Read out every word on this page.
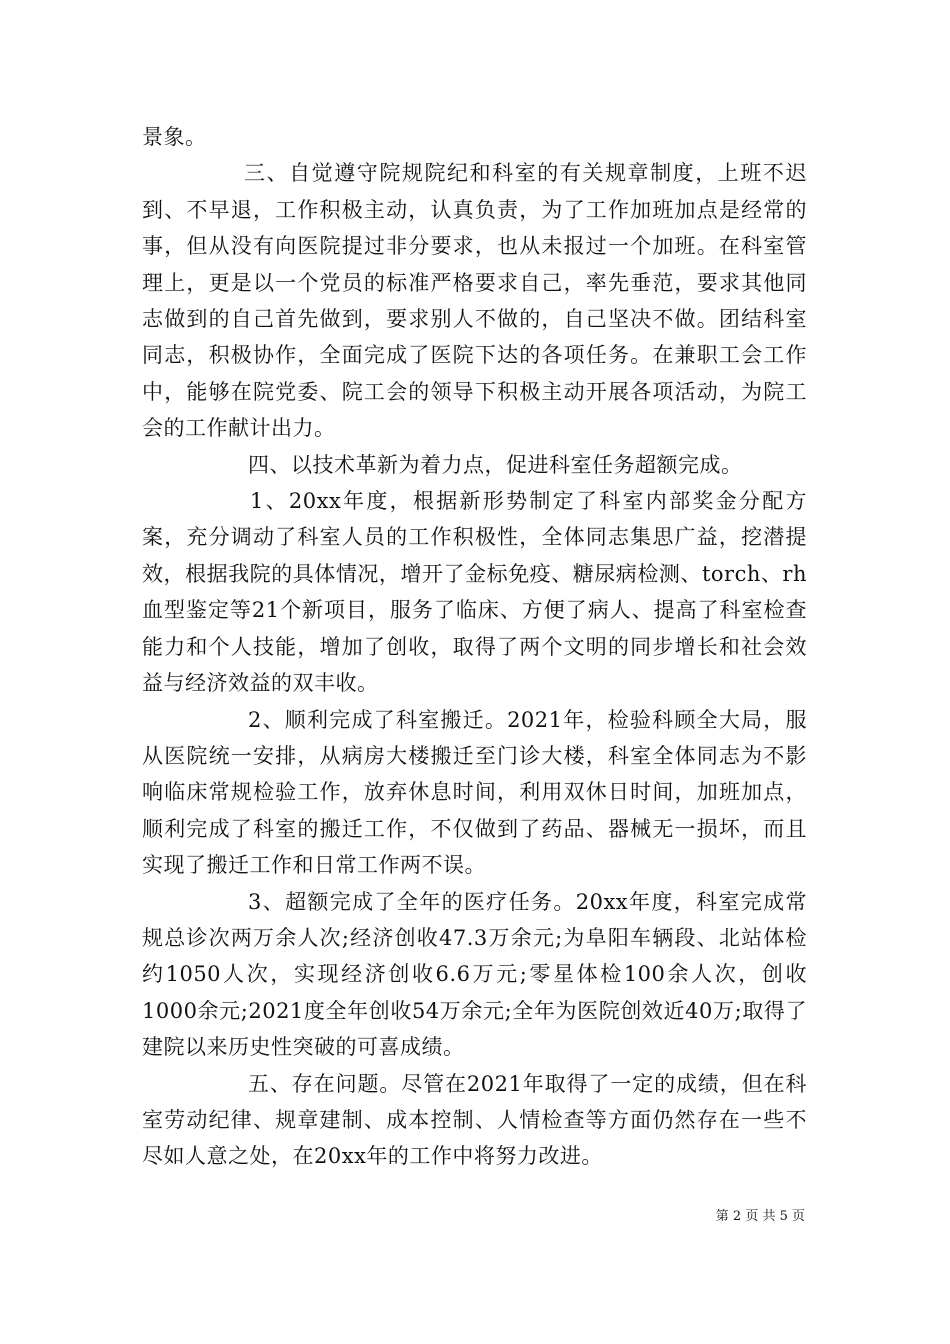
景象。

三、自觉遵守院规院纪和科室的有关规章制度，上班不迟到、不早退，工作积极主动，认真负责，为了工作加班加点是经常的事，但从没有向医院提过非分要求，也从未报过一个加班。在科室管理上，更是以一个党员的标准严格要求自己，率先垂范，要求其他同志做到的自己首先做到，要求别人不做的，自己坚决不做。团结科室同志，积极协作，全面完成了医院下达的各项任务。在兼职工会工作中，能够在院党委、院工会的领导下积极主动开展各项活动，为院工会的工作献计出力。

四、以技术革新为着力点，促进科室任务超额完成。

1、20xx年度，根据新形势制定了科室内部奖金分配方案，充分调动了科室人员的工作积极性，全体同志集思广益，挖潜提效，根据我院的具体情况，增开了金标免疫、糖尿病检测、torch、rh血型鉴定等21个新项目，服务了临床、方便了病人、提高了科室检查能力和个人技能，增加了创收，取得了两个文明的同步增长和社会效益与经济效益的双丰收。

2、顺利完成了科室搬迁。2021年，检验科顾全大局，服从医院统一安排，从病房大楼搬迁至门诊大楼，科室全体同志为不影响临床常规检验工作，放弃休息时间，利用双休日时间，加班加点，顺利完成了科室的搬迁工作，不仅做到了药品、器械无一损坏，而且实现了搬迁工作和日常工作两不误。

3、超额完成了全年的医疗任务。20xx年度，科室完成常规总诊次两万余人次;经济创收47.3万余元;为阜阳车辆段、北站体检约1050人次，实现经济创收6.6万元;零星体检100余人次，创收1000余元;2021度全年创收54万余元;全年为医院创效近40万;取得了建院以来历史性突破的可喜成绩。

五、存在问题。尽管在2021年取得了一定的成绩，但在科室劳动纪律、规章建制、成本控制、人情检查等方面仍然存在一些不尽如人意之处，在20xx年的工作中将努力改进。

第 2 页 共 5 页
